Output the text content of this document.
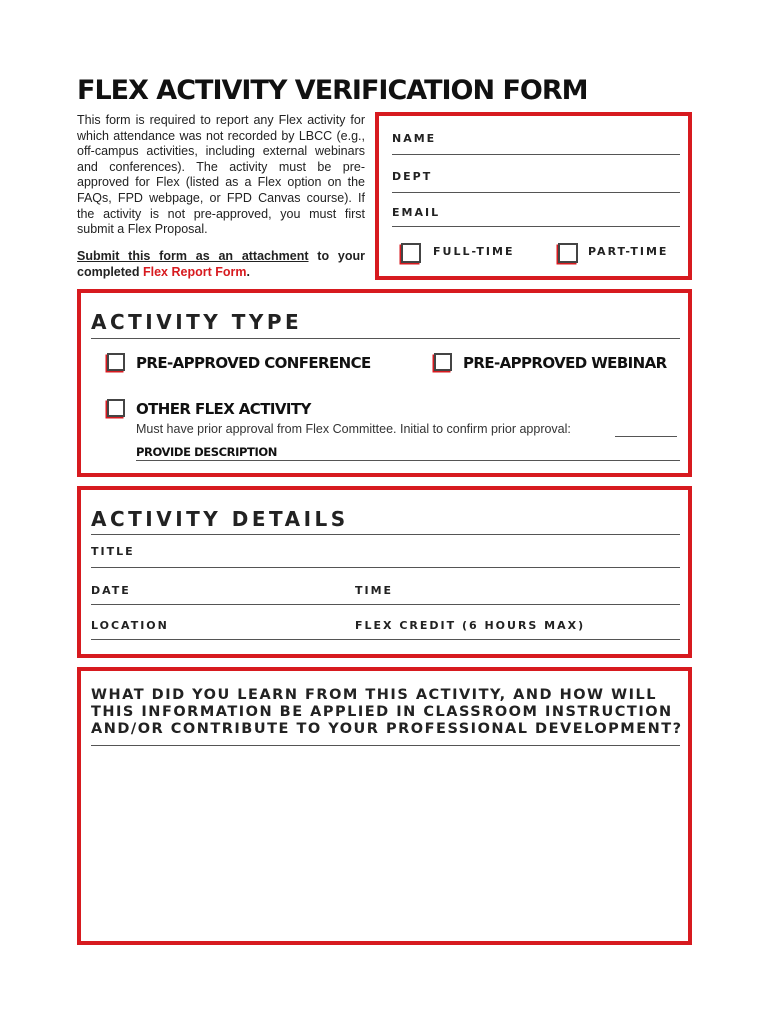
FLEX ACTIVITY VERIFICATION FORM
This form is required to report any Flex activity for which attendance was not recorded by LBCC (e.g., off-campus activities, including external webinars and conferences). The activity must be pre-approved for Flex (listed as a Flex option on the FAQs, FPD webpage, or FPD Canvas course). If the activity is not pre-approved, you must first submit a Flex Proposal.
Submit this form as an attachment to your completed Flex Report Form.
NAME
DEPT
EMAIL
FULL-TIME	PART-TIME
ACTIVITY TYPE
PRE-APPROVED CONFERENCE	PRE-APPROVED WEBINAR
OTHER FLEX ACTIVITY
Must have prior approval from Flex Committee. Initial to confirm prior approval:
PROVIDE DESCRIPTION
ACTIVITY DETAILS
TITLE
DATE	TIME
LOCATION	FLEX CREDIT (6 HOURS MAX)
WHAT DID YOU LEARN FROM THIS ACTIVITY, AND HOW WILL
THIS INFORMATION BE APPLIED IN CLASSROOM INSTRUCTION
AND/OR CONTRIBUTE TO YOUR PROFESSIONAL DEVELOPMENT?
